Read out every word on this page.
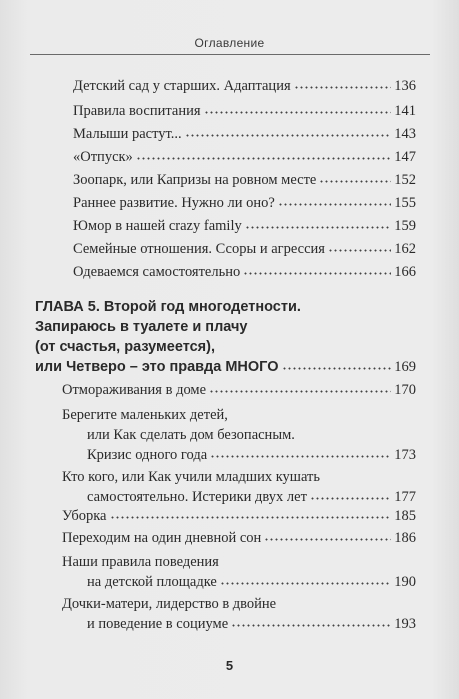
Оглавление
Детский сад у старших. Адаптация	136
Правила воспитания	141
Малыши растут...	143
«Отпуск»	147
Зоопарк, или Капризы на ровном месте	152
Раннее развитие. Нужно ли оно?	155
Юмор в нашей crazy family	159
Семейные отношения. Ссоры и агрессия	162
Одеваемся самостоятельно	166
ГЛАВА 5. Второй год многодетности.
Запираюсь в туалете и плачу
(от счастья, разумеется),
или Четверо – это правда МНОГО	169
Отмораживания в доме	170
Берегите маленьких детей,
или Как сделать дом безопасным.
Кризис одного года	173
Кто кого, или Как учили младших кушать
самостоятельно. Истерики двух лет	177
Уборка	185
Переходим на один дневной сон	186
Наши правила поведения
на детской площадке	190
Дочки-матери, лидерство в двойне
и поведение в социуме	193
5
